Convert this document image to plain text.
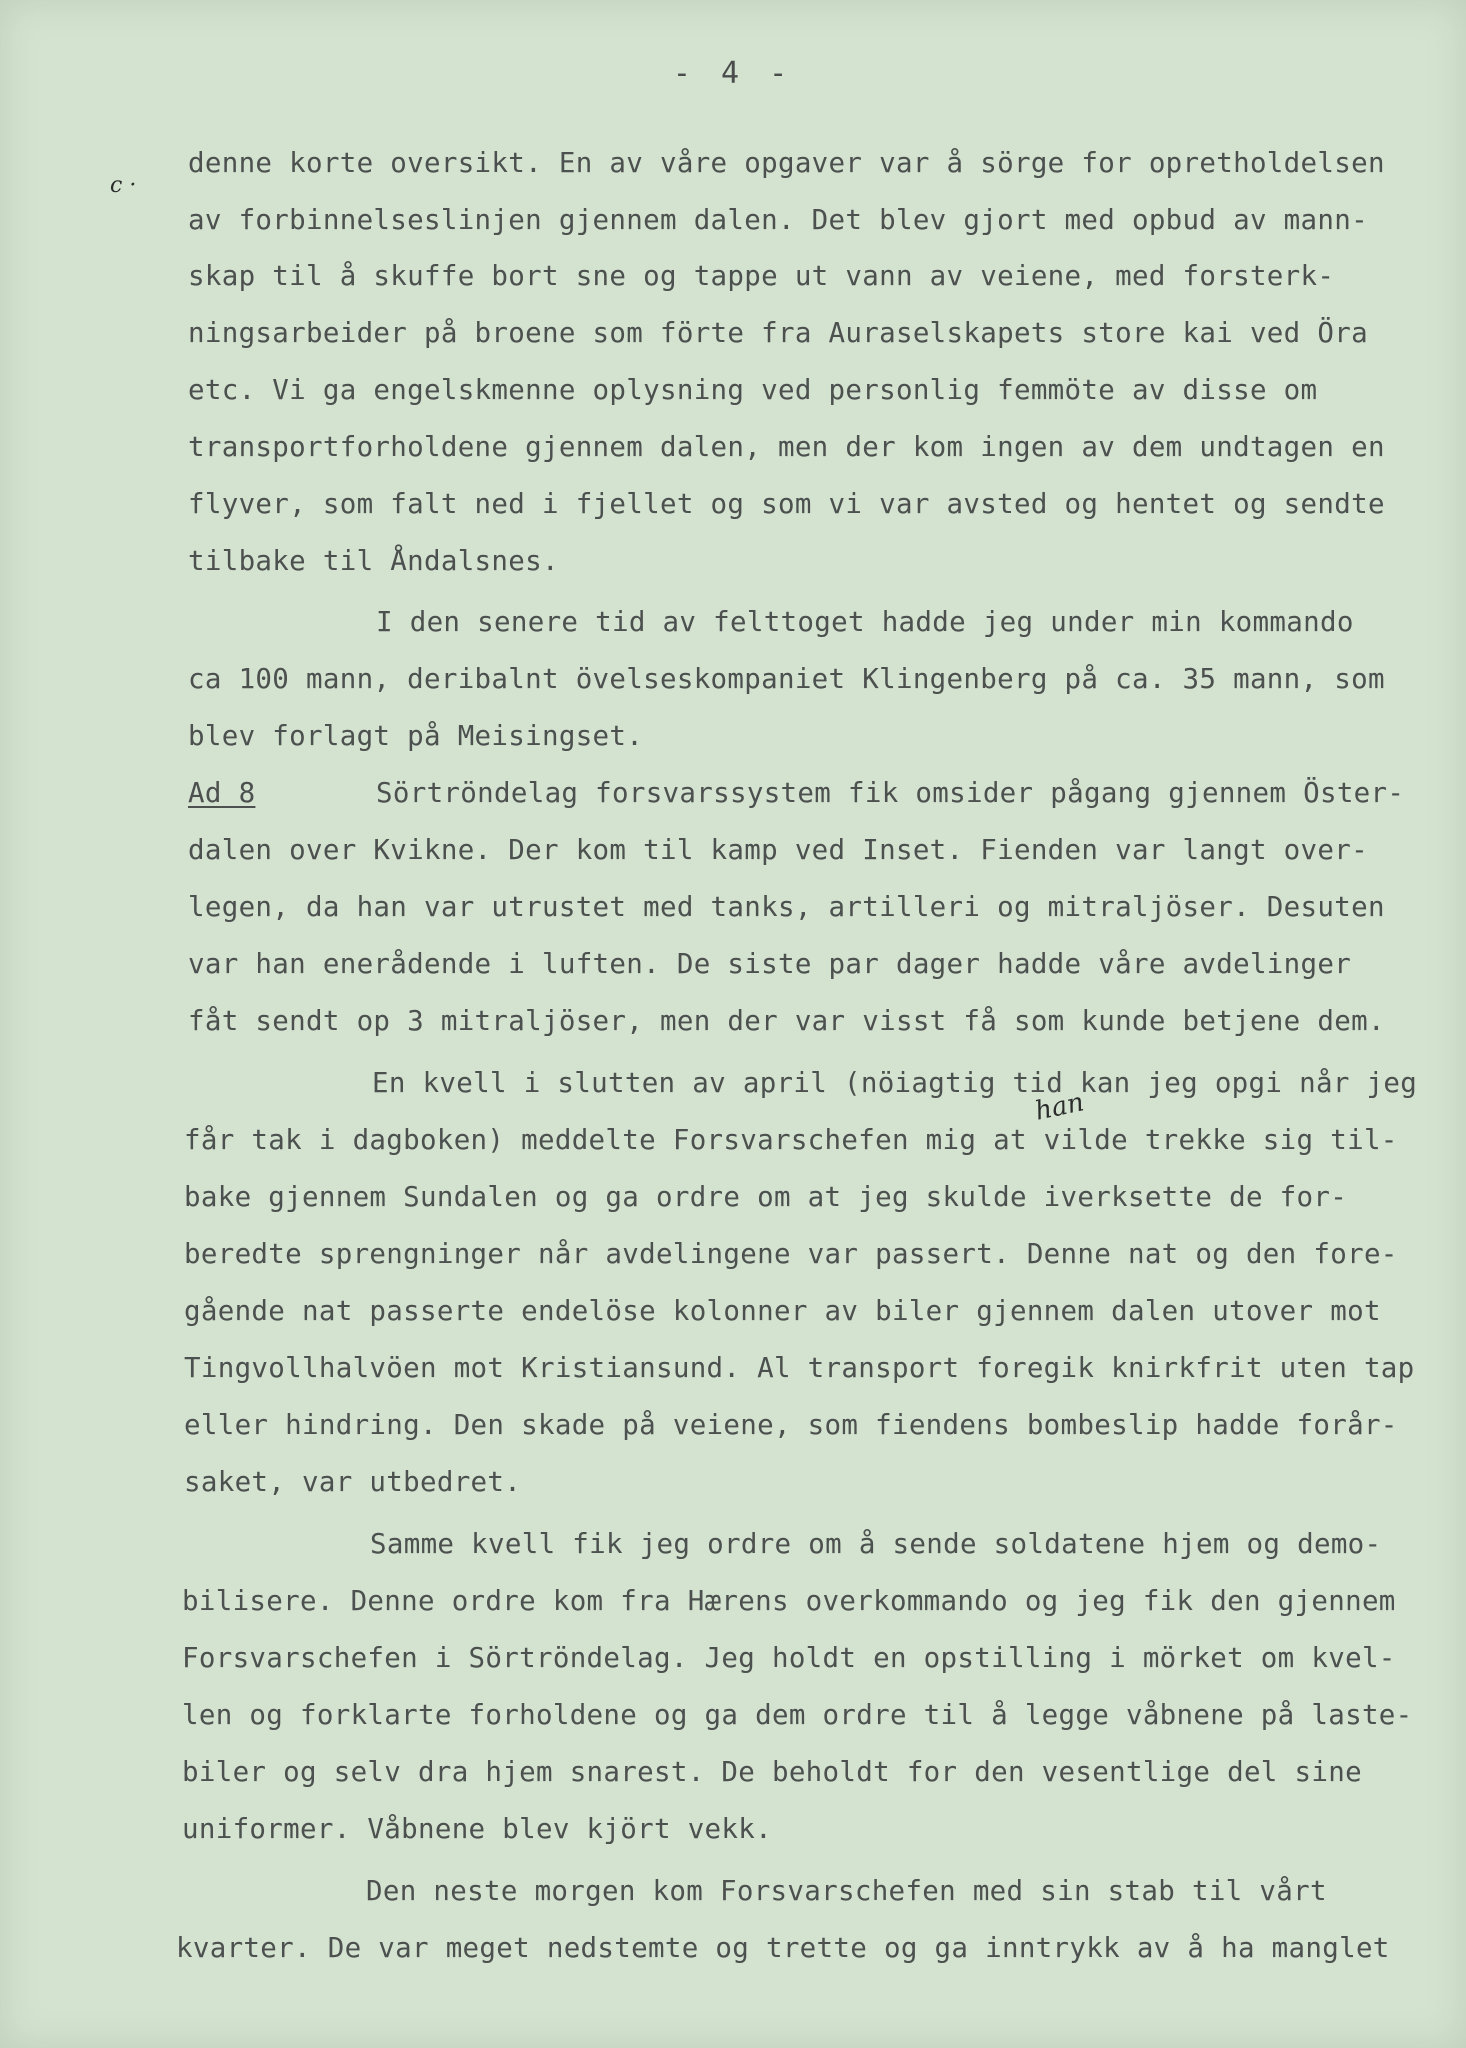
- 4 -
ⅽ ·
han
denne korte oversikt. En av våre opgaver var å sörge for opretholdelsen
av forbinnelseslinjen gjennem dalen. Det blev gjort med opbud av mann-
skap til å skuffe bort sne og tappe ut vann av veiene, med forsterk-
ningsarbeider på broene som förte fra Auraselskapets store kai ved Öra
etc. Vi ga engelskmenne oplysning ved personlig femmöte av disse om
transportforholdene gjennem dalen, men der kom ingen av dem undtagen en
flyver, som falt ned i fjellet og som vi var avsted og hentet og sendte
tilbake til Åndalsnes.
I den senere tid av felttoget hadde jeg under min kommando
ca 100 mann, deribalnt övelseskompaniet Klingenberg på ca. 35 mann, som
blev forlagt på Meisingset.
Ad 8	Sörtröndelag forsvarssystem fik omsider pågang gjennem Öster-
dalen over Kvikne. Der kom til kamp ved Inset. Fienden var langt over-
legen, da han var utrustet med tanks, artilleri og mitraljöser. Desuten
var han enerådende i luften. De siste par dager hadde våre avdelinger
fåt sendt op 3 mitraljöser, men der var visst få som kunde betjene dem.
En kvell i slutten av april (nöiagtig tid kan jeg opgi når jeg
får tak i dagboken) meddelte Forsvarschefen mig at vilde trekke sig til-
bake gjennem Sundalen og ga ordre om at jeg skulde iverksette de for-
beredte sprengninger når avdelingene var passert. Denne nat og den fore-
gående nat passerte endelöse kolonner av biler gjennem dalen utover mot
Tingvollhalvöen mot Kristiansund. Al transport foregik knirkfrit uten tap
eller hindring. Den skade på veiene, som fiendens bombeslip hadde forår-
saket, var utbedret.
Samme kvell fik jeg ordre om å sende soldatene hjem og demo-
bilisere. Denne ordre kom fra Hærens overkommando og jeg fik den gjennem
Forsvarschefen i Sörtröndelag. Jeg holdt en opstilling i mörket om kvel-
len og forklarte forholdene og ga dem ordre til å legge våbnene på laste-
biler og selv dra hjem snarest. De beholdt for den vesentlige del sine
uniformer. Våbnene blev kjört vekk.
Den neste morgen kom Forsvarschefen med sin stab til vårt
kvarter. De var meget nedstemte og trette og ga inntrykk av å ha manglet
